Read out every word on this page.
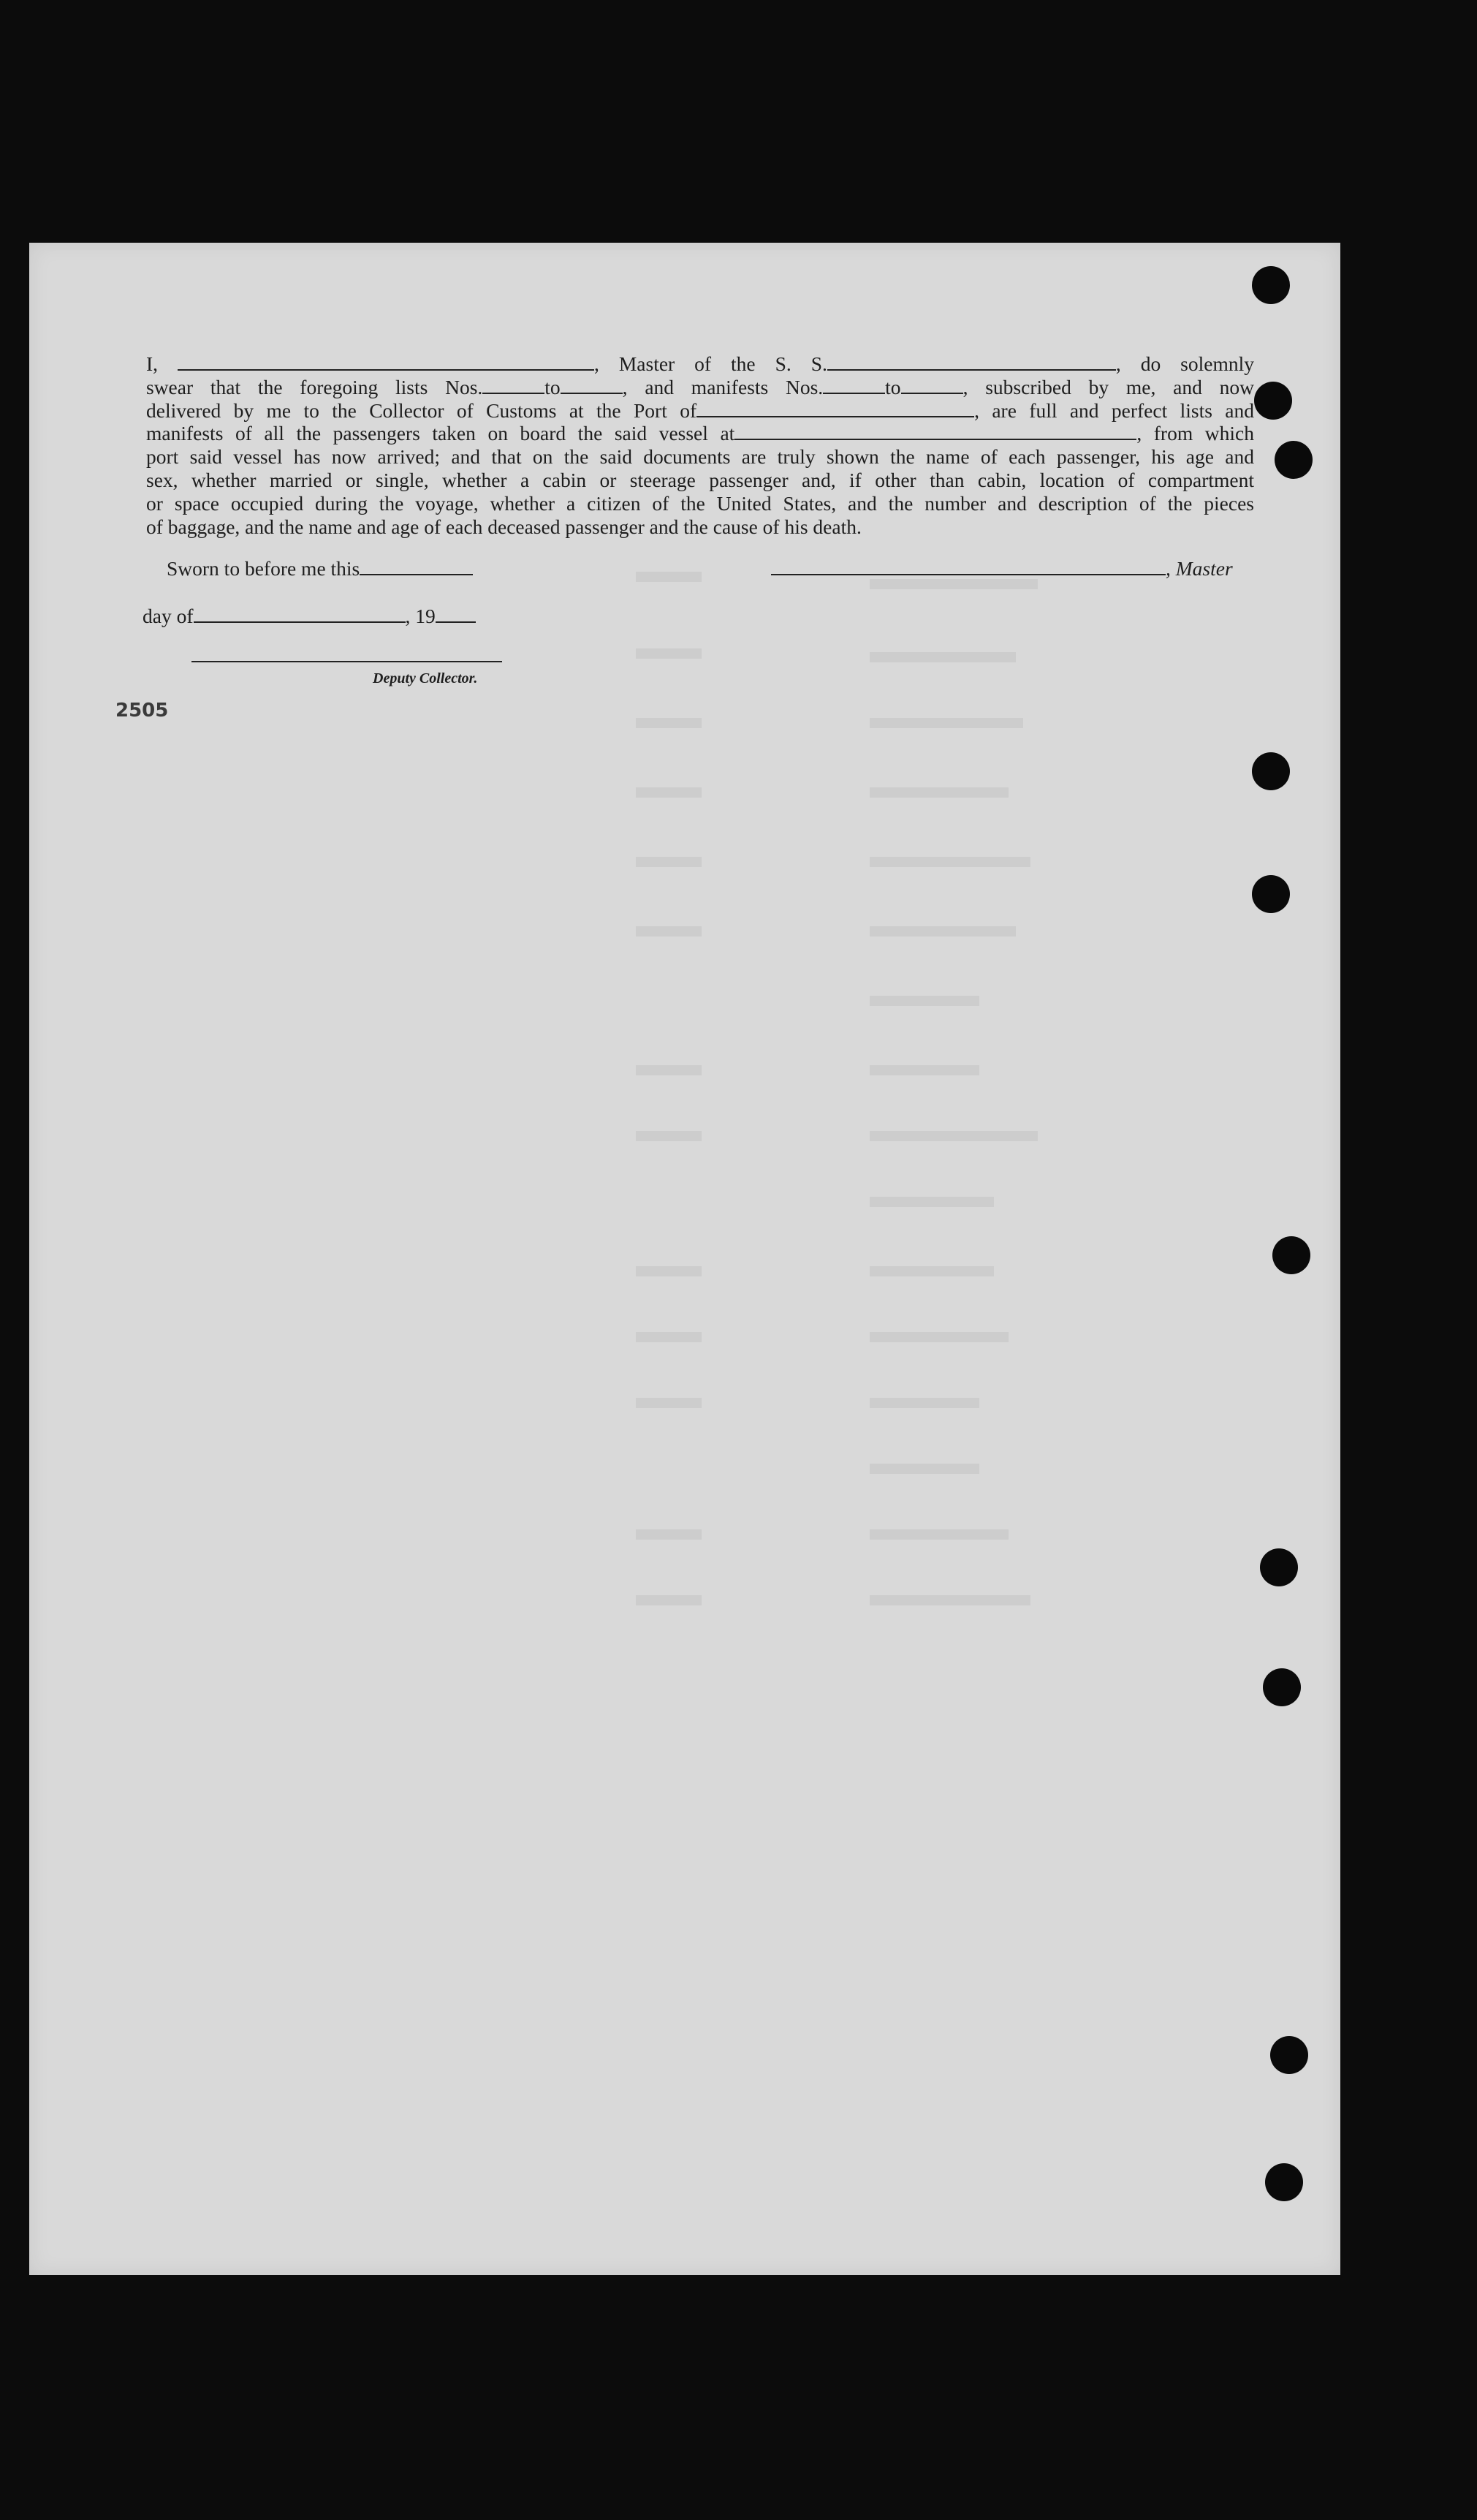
I,	, Master of the S. S.	, do solemnly
swear that the foregoing lists Nos.	to	, and manifests Nos.	to	, subscribed by me, and now
delivered by me to the Collector of Customs at the Port of	, are full and perfect lists and
manifests of all the passengers taken on board the said vessel at	, from which
port said vessel has now arrived; and that on the said documents are truly shown the name of each passenger, his age and
sex, whether married or single, whether a cabin or steerage passenger and, if other than cabin, location of compartment
or space occupied during the voyage, whether a citizen of the United States, and the number and description of the pieces
of baggage, and the name and age of each deceased passenger and the cause of his death.
Sworn to before me this	, Master
day of	, 19
Deputy Collector.
2505
